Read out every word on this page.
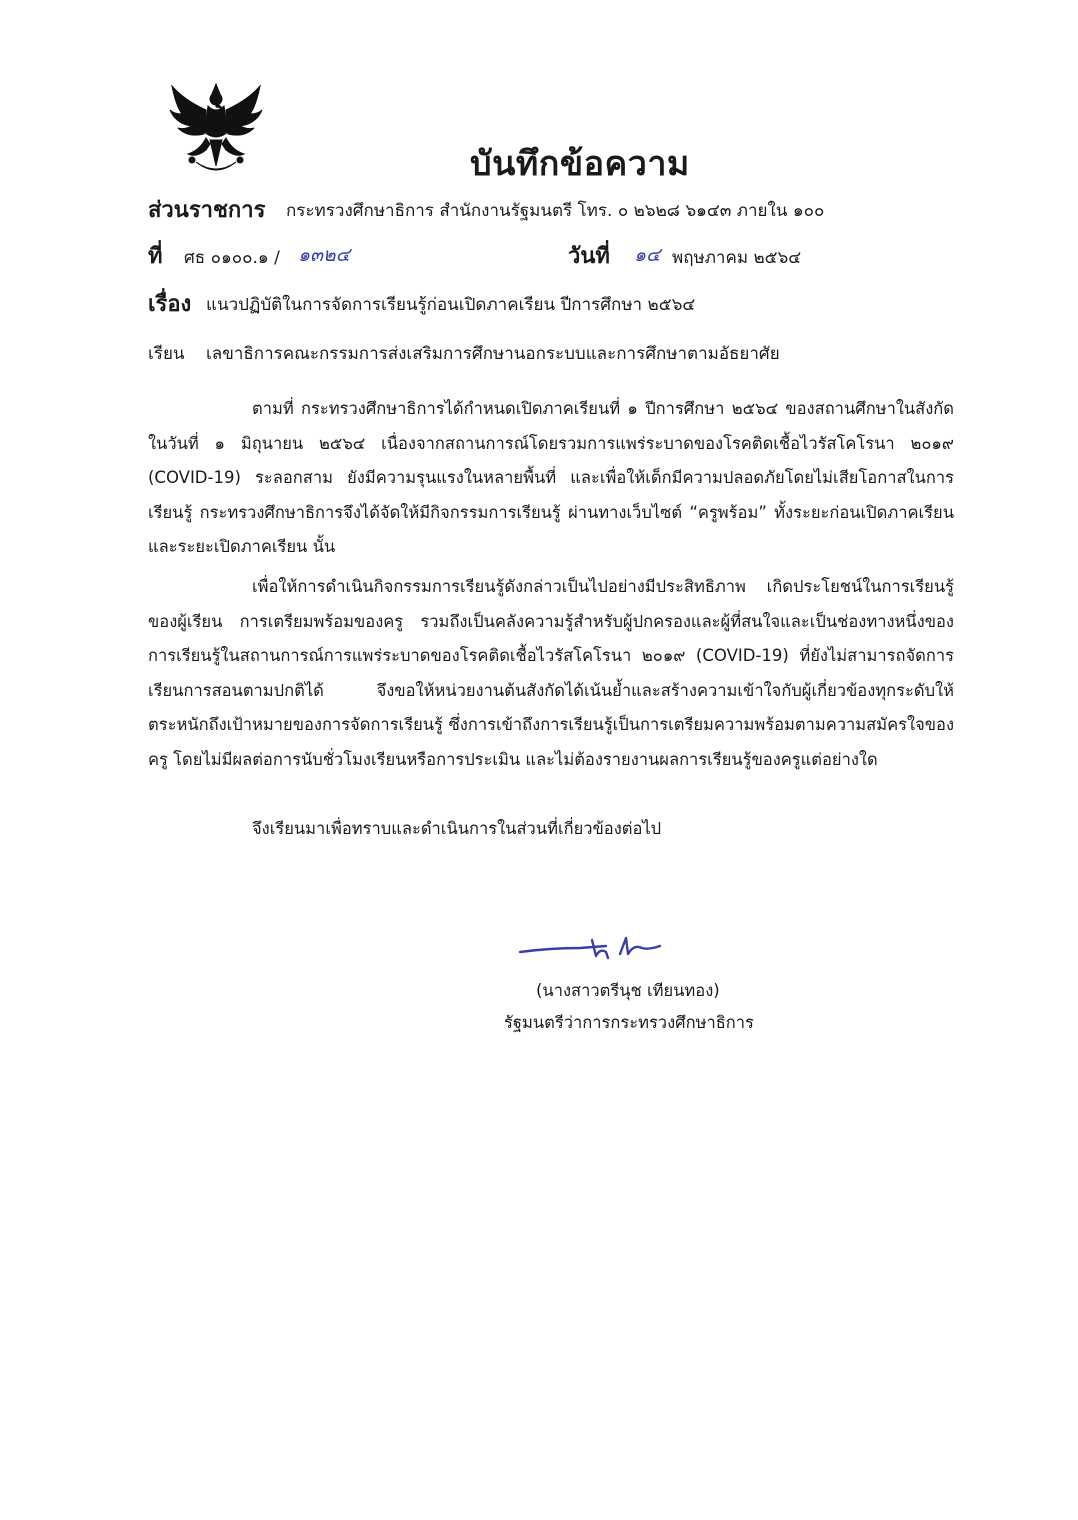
บันทึกข้อความ
ส่วนราชการ กระทรวงศึกษาธิการ สำนักงานรัฐมนตรี โทร. ๐ ๒๖๒๘ ๖๑๔๓ ภายใน ๑๐๐
ที่ ศธ ๐๑๐๐.๑ / ๑๓๒๔	วันที่ ๑๔ พฤษภาคม ๒๕๖๔
เรื่อง แนวปฏิบัติในการจัดการเรียนรู้ก่อนเปิดภาคเรียน ปีการศึกษา ๒๕๖๔
เรียน เลขาธิการคณะกรรมการส่งเสริมการศึกษานอกระบบและการศึกษาตามอัธยาศัย
ตามที่ กระทรวงศึกษาธิการได้กำหนดเปิดภาคเรียนที่ ๑ ปีการศึกษา ๒๕๖๔ ของสถานศึกษาในสังกัด ในวันที่ ๑ มิถุนายน ๒๕๖๔ เนื่องจากสถานการณ์โดยรวมการแพร่ระบาดของโรคติดเชื้อไวรัสโคโรนา ๒๐๑๙ (COVID-19) ระลอกสาม ยังมีความรุนแรงในหลายพื้นที่ และเพื่อให้เด็กมีความปลอดภัยโดยไม่เสียโอกาสในการเรียนรู้ กระทรวงศึกษาธิการจึงได้จัดให้มีกิจกรรมการเรียนรู้ ผ่านทางเว็บไซต์ “ครูพร้อม” ทั้งระยะก่อนเปิดภาคเรียนและระยะเปิดภาคเรียน นั้น
เพื่อให้การดำเนินกิจกรรมการเรียนรู้ดังกล่าวเป็นไปอย่างมีประสิทธิภาพ เกิดประโยชน์ในการเรียนรู้ของผู้เรียน การเตรียมพร้อมของครู รวมถึงเป็นคลังความรู้สำหรับผู้ปกครองและผู้ที่สนใจและเป็นช่องทางหนึ่งของการเรียนรู้ในสถานการณ์การแพร่ระบาดของโรคติดเชื้อไวรัสโคโรนา ๒๐๑๙ (COVID-19) ที่ยังไม่สามารถจัดการเรียนการสอนตามปกติได้ จึงขอให้หน่วยงานต้นสังกัดได้เน้นย้ำและสร้างความเข้าใจกับผู้เกี่ยวข้องทุกระดับให้ตระหนักถึงเป้าหมายของการจัดการเรียนรู้ ซึ่งการเข้าถึงการเรียนรู้เป็นการเตรียมความพร้อมตามความสมัครใจของครู โดยไม่มีผลต่อการนับชั่วโมงเรียนหรือการประเมิน และไม่ต้องรายงานผลการเรียนรู้ของครูแต่อย่างใด
จึงเรียนมาเพื่อทราบและดำเนินการในส่วนที่เกี่ยวข้องต่อไป
(นางสาวตรีนุช เทียนทอง)
รัฐมนตรีว่าการกระทรวงศึกษาธิการ
